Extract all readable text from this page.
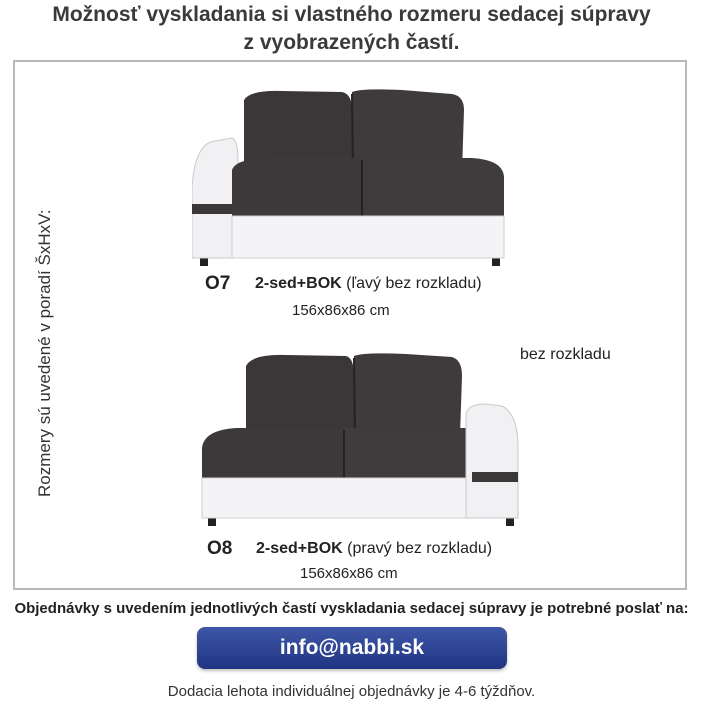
Možnosť vyskladania si vlastného rozmeru sedacej súpravy
z vyobrazených častí.
Rozmery sú uvedené v poradí ŠxHxV:	O7 2-sed+BOK (ľavý bez rozkladu)
156x86x86 cm
bez rozkladu
O8 2-sed+BOK (pravý bez rozkladu)
156x86x86 cm
Objednávky s uvedením jednotlivých častí vyskladania sedacej súpravy je potrebné poslať na:
info@nabbi.sk
Dodacia lehota individuálnej objednávky je 4-6 týždňov.
